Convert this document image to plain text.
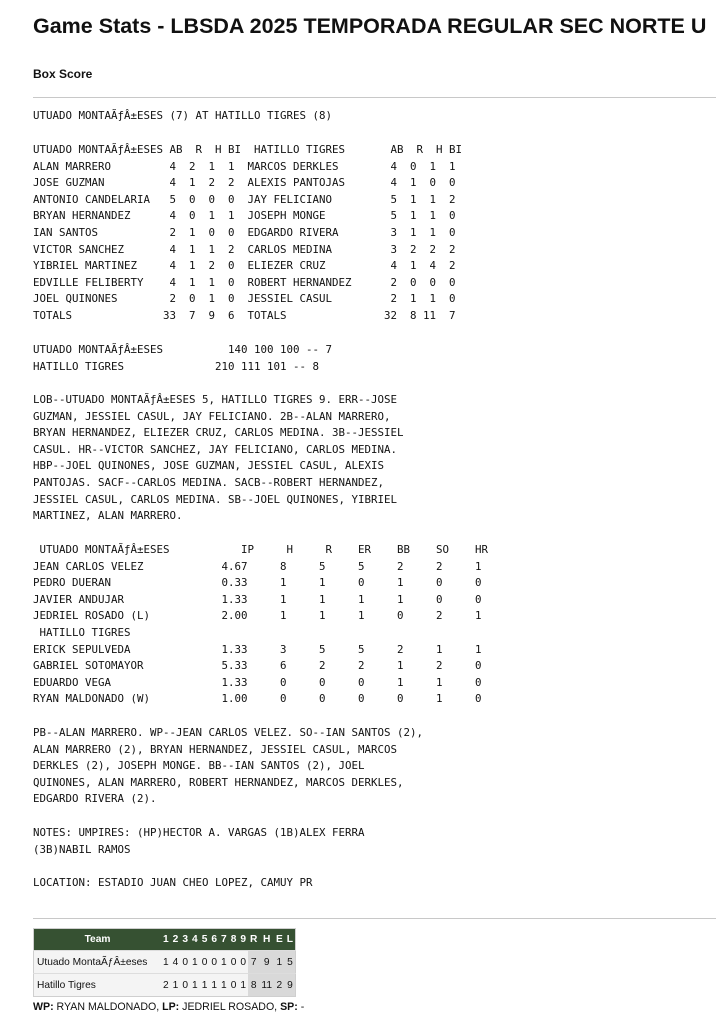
Game Stats - LBSDA 2025 TEMPORADA REGULAR SEC NORTE U
Box Score
UTUADO MONTAÃƒÂ±ESES (7) AT HATILLO TIGRES (8)
UTUADO MONTAÃƒÂ±ESES AB  R  H BI  HATILLO TIGRES       AB  R  H BI
ALAN MARRERO         4  2  1  1  MARCOS DERKLES        4  0  1  1
JOSE GUZMAN          4  1  2  2  ALEXIS PANTOJAS       4  1  0  0
ANTONIO CANDELARIA   5  0  0  0  JAY FELICIANO         5  1  1  2
BRYAN HERNANDEZ      4  0  1  1  JOSEPH MONGE          5  1  1  0
IAN SANTOS           2  1  0  0  EDGARDO RIVERA        3  1  1  0
VICTOR SANCHEZ       4  1  1  2  CARLOS MEDINA         3  2  2  2
YIBRIEL MARTINEZ     4  1  2  0  ELIEZER CRUZ          4  1  4  2
EDVILLE FELIBERTY    4  1  1  0  ROBERT HERNANDEZ      2  0  0  0
JOEL QUINONES        2  0  1  0  JESSIEL CASUL         2  1  1  0
TOTALS              33  7  9  6  TOTALS               32  8 11  7
UTUADO MONTAÃƒÂ±ESES          140 100 100 -- 7
HATILLO TIGRES              210 111 101 -- 8
LOB--UTUADO MONTAÃƒÂ±ESES 5, HATILLO TIGRES 9. ERR--JOSE
GUZMAN, JESSIEL CASUL, JAY FELICIANO. 2B--ALAN MARRERO,
BRYAN HERNANDEZ, ELIEZER CRUZ, CARLOS MEDINA. 3B--JESSIEL
CASUL. HR--VICTOR SANCHEZ, JAY FELICIANO, CARLOS MEDINA.
HBP--JOEL QUINONES, JOSE GUZMAN, JESSIEL CASUL, ALEXIS
PANTOJAS. SACF--CARLOS MEDINA. SACB--ROBERT HERNANDEZ,
JESSIEL CASUL, CARLOS MEDINA. SB--JOEL QUINONES, YIBRIEL
MARTINEZ, ALAN MARRERO.
UTUADO MONTAÃƒÂ±ESES           IP     H     R    ER    BB    SO    HR
JEAN CARLOS VELEZ            4.67     8     5     5     2     2     1
PEDRO DUERAN                 0.33     1     1     0     1     0     0
JAVIER ANDUJAR               1.33     1     1     1     1     0     0
JEDRIEL ROSADO (L)           2.00     1     1     1     0     2     1
HATILLO TIGRES
ERICK SEPULVEDA              1.33     3     5     5     2     1     1
GABRIEL SOTOMAYOR            5.33     6     2     2     1     2     0
EDUARDO VEGA                 1.33     0     0     0     1     1     0
RYAN MALDONADO (W)           1.00     0     0     0     0     1     0
PB--ALAN MARRERO. WP--JEAN CARLOS VELEZ. SO--IAN SANTOS (2),
ALAN MARRERO (2), BRYAN HERNANDEZ, JESSIEL CASUL, MARCOS
DERKLES (2), JOSEPH MONGE. BB--IAN SANTOS (2), JOEL
QUINONES, ALAN MARRERO, ROBERT HERNANDEZ, MARCOS DERKLES,
EDGARDO RIVERA (2).
NOTES: UMPIRES: (HP)HECTOR A. VARGAS (1B)ALEX FERRA
(3B)NABIL RAMOS
LOCATION: ESTADIO JUAN CHEO LOPEZ, CAMUY PR
Team	1	2	3	4	5	6	7	8	9	R	H	E	L
Utuado MontaÃƒÂ±eses	1	4	0	1	0	0	1	0	0	7	9	1	5
Hatillo Tigres	2	1	0	1	1	1	1	0	1	8	11	2	9
WP: RYAN MALDONADO, LP: JEDRIEL ROSADO, SP: -
